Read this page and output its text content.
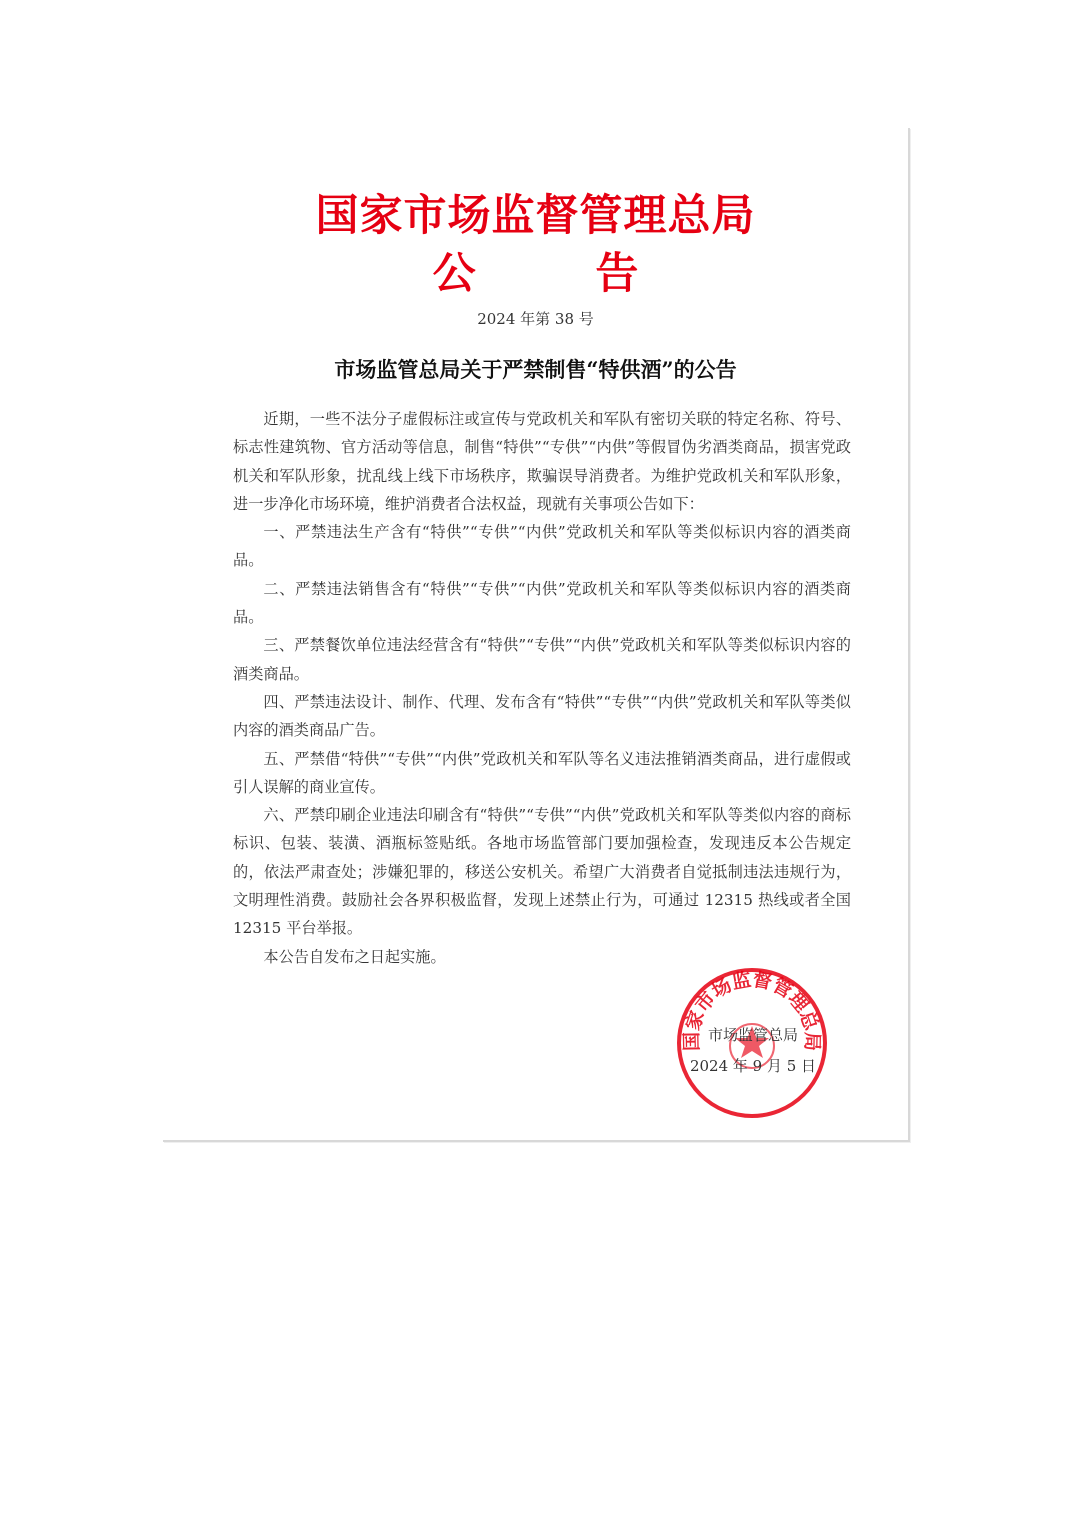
国家市场监督管理总局
公        告
2024 年第 38 号
市场监管总局关于严禁制售“特供酒”的公告

近期，一些不法分子虚假标注或宣传与党政机关和军队有密切关联的特定名称、符号、标志性建筑物、官方活动等信息，制售“特供”“专供”“内供”等假冒伪劣酒类商品，损害党政机关和军队形象，扰乱线上线下市场秩序，欺骗误导消费者。为维护党政机关和军队形象，进一步净化市场环境，维护消费者合法权益，现就有关事项公告如下：

一、严禁违法生产含有“特供”“专供”“内供”党政机关和军队等类似标识内容的酒类商品。

二、严禁违法销售含有“特供”“专供”“内供”党政机关和军队等类似标识内容的酒类商品。

三、严禁餐饮单位违法经营含有“特供”“专供”“内供”党政机关和军队等类似标识内容的酒类商品。

四、严禁违法设计、制作、代理、发布含有“特供”“专供”“内供”党政机关和军队等类似内容的酒类商品广告。

五、严禁借“特供”“专供”“内供”党政机关和军队等名义违法推销酒类商品，进行虚假或引人误解的商业宣传。

六、严禁印刷企业违法印刷含有“特供”“专供”“内供”党政机关和军队等类似内容的商标标识、包装、装潢、酒瓶标签贴纸。各地市场监管部门要加强检查，发现违反本公告规定的，依法严肃查处；涉嫌犯罪的，移送公安机关。希望广大消费者自觉抵制违法违规行为，文明理性消费。鼓励社会各界积极监督，发现上述禁止行为，可通过 12315 热线或者全国 12315 平台举报。

本公告自发布之日起实施。

国家市场监督管理总局
市场监管总局
2024 年 9 月 5 日
